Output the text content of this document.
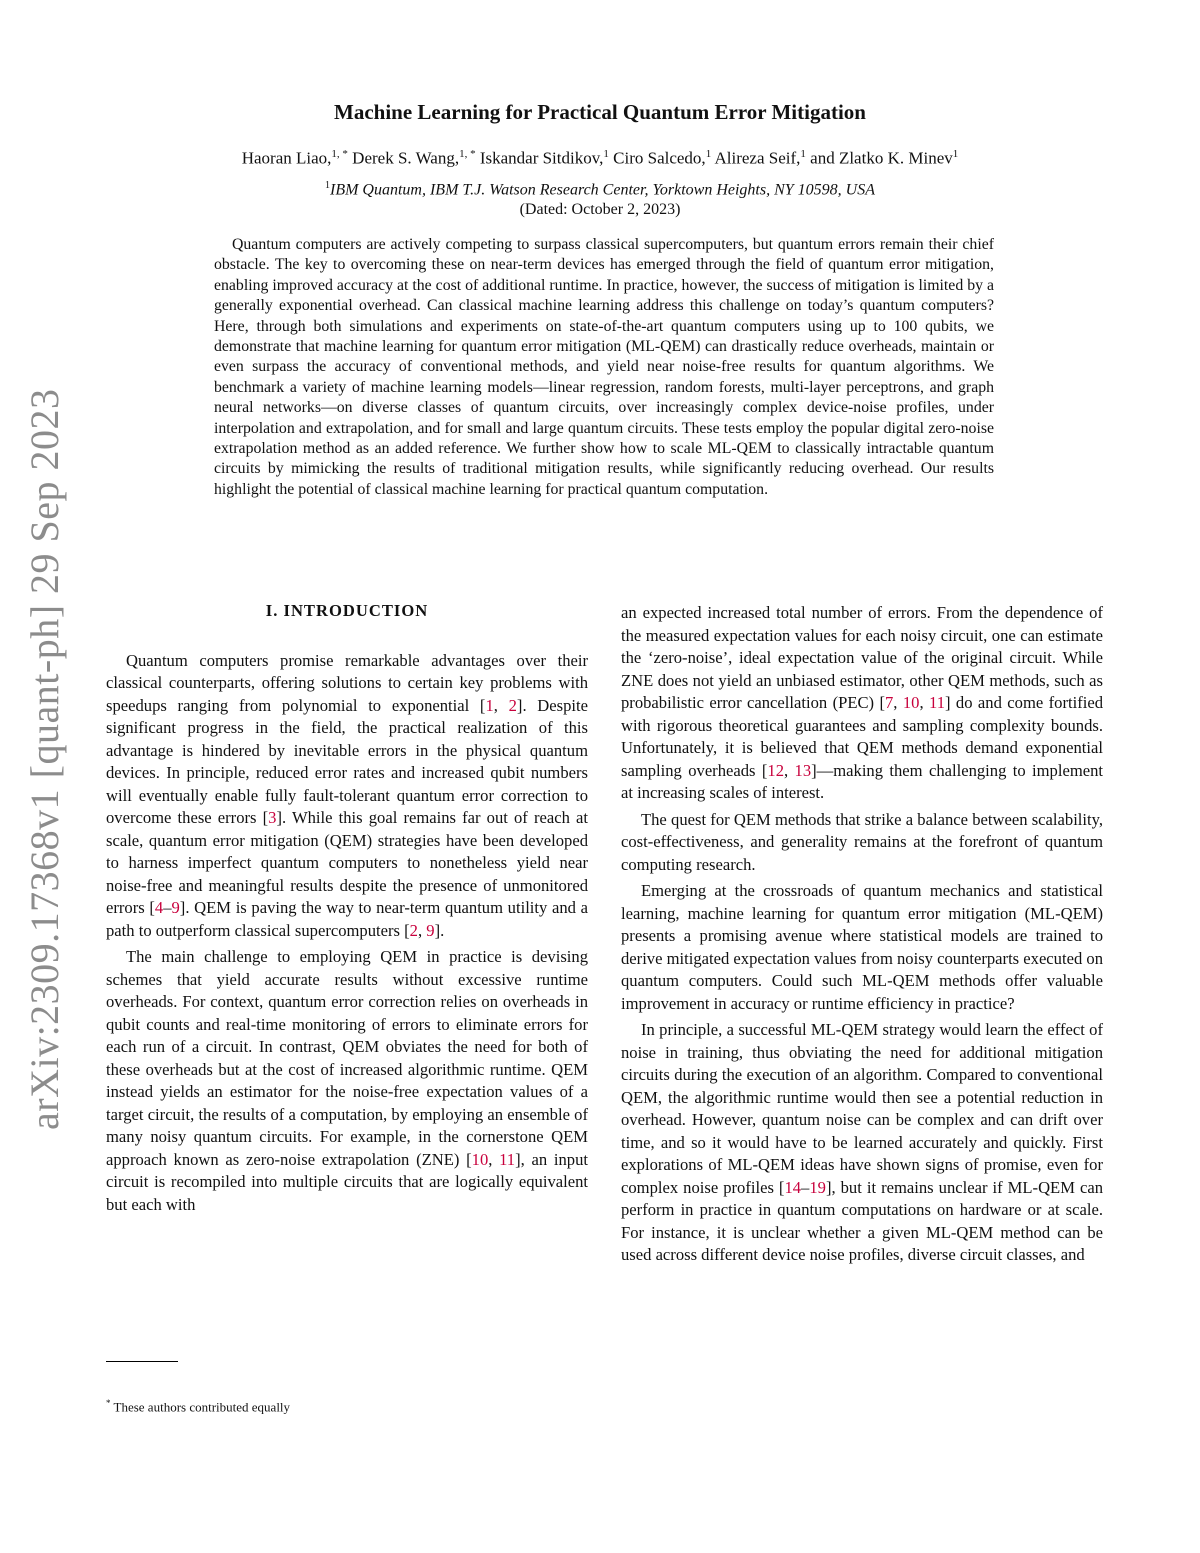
arXiv:2309.17368v1 [quant-ph] 29 Sep 2023
Machine Learning for Practical Quantum Error Mitigation
Haoran Liao,$^{1, *}$ Derek S. Wang,$^{1, *}$ Iskandar Sitdikov,$^1$ Ciro Salcedo,$^1$ Alireza Seif,$^1$ and Zlatko K. Minev$^1$
$^1$IBM Quantum, IBM T.J. Watson Research Center, Yorktown Heights, NY 10598, USA
(Dated: October 2, 2023)

Quantum computers are actively competing to surpass classical supercomputers, but quantum errors remain their chief obstacle. The key to overcoming these on near-term devices has emerged through the field of quantum error mitigation, enabling improved accuracy at the cost of additional runtime. In practice, however, the success of mitigation is limited by a generally exponential overhead. Can classical machine learning address this challenge on today’s quantum computers? Here, through both simulations and experiments on state-of-the-art quantum computers using up to 100 qubits, we demonstrate that machine learning for quantum error mitigation (ML-QEM) can drastically reduce overheads, maintain or even surpass the accuracy of conventional methods, and yield near noise-free results for quantum algorithms. We benchmark a variety of machine learning models—linear regression, random forests, multi-layer perceptrons, and graph neural networks—on diverse classes of quantum circuits, over increasingly complex device-noise profiles, under interpolation and extrapolation, and for small and large quantum circuits. These tests employ the popular digital zero-noise extrapolation method as an added reference. We further show how to scale ML-QEM to classically intractable quantum circuits by mimicking the results of traditional mitigation results, while significantly reducing overhead. Our results highlight the potential of classical machine learning for practical quantum computation.

I. INTRODUCTION

Quantum computers promise remarkable advantages over their classical counterparts, offering solutions to certain key problems with speedups ranging from polynomial to exponential [1, 2]. Despite significant progress in the field, the practical realization of this advantage is hindered by inevitable errors in the physical quantum devices. In principle, reduced error rates and increased qubit numbers will eventually enable fully fault-tolerant quantum error correction to overcome these errors [3]. While this goal remains far out of reach at scale, quantum error mitigation (QEM) strategies have been developed to harness imperfect quantum computers to nonetheless yield near noise-free and meaningful results despite the presence of unmonitored errors [4–9]. QEM is paving the way to near-term quantum utility and a path to outperform classical supercomputers [2, 9].

The main challenge to employing QEM in practice is devising schemes that yield accurate results without excessive runtime overheads. For context, quantum error correction relies on overheads in qubit counts and real-time monitoring of errors to eliminate errors for each run of a circuit. In contrast, QEM obviates the need for both of these overheads but at the cost of increased algorithmic runtime. QEM instead yields an estimator for the noise-free expectation values of a target circuit, the results of a computation, by employing an ensemble of many noisy quantum circuits. For example, in the cornerstone QEM approach known as zero-noise extrapolation (ZNE) [10, 11], an input circuit is recompiled into multiple circuits that are logically equivalent but each with

an expected increased total number of errors. From the dependence of the measured expectation values for each noisy circuit, one can estimate the ‘zero-noise’, ideal expectation value of the original circuit. While ZNE does not yield an unbiased estimator, other QEM methods, such as probabilistic error cancellation (PEC) [7, 10, 11] do and come fortified with rigorous theoretical guarantees and sampling complexity bounds. Unfortunately, it is believed that QEM methods demand exponential sampling overheads [12, 13]—making them challenging to implement at increasing scales of interest.

The quest for QEM methods that strike a balance between scalability, cost-effectiveness, and generality remains at the forefront of quantum computing research.

Emerging at the crossroads of quantum mechanics and statistical learning, machine learning for quantum error mitigation (ML-QEM) presents a promising avenue where statistical models are trained to derive mitigated expectation values from noisy counterparts executed on quantum computers. Could such ML-QEM methods offer valuable improvement in accuracy or runtime efficiency in practice?

In principle, a successful ML-QEM strategy would learn the effect of noise in training, thus obviating the need for additional mitigation circuits during the execution of an algorithm. Compared to conventional QEM, the algorithmic runtime would then see a potential reduction in overhead. However, quantum noise can be complex and can drift over time, and so it would have to be learned accurately and quickly. First explorations of ML-QEM ideas have shown signs of promise, even for complex noise profiles [14–19], but it remains unclear if ML-QEM can perform in practice in quantum computations on hardware or at scale. For instance, it is unclear whether a given ML-QEM method can be used across different device noise profiles, diverse circuit classes, and

* These authors contributed equally
